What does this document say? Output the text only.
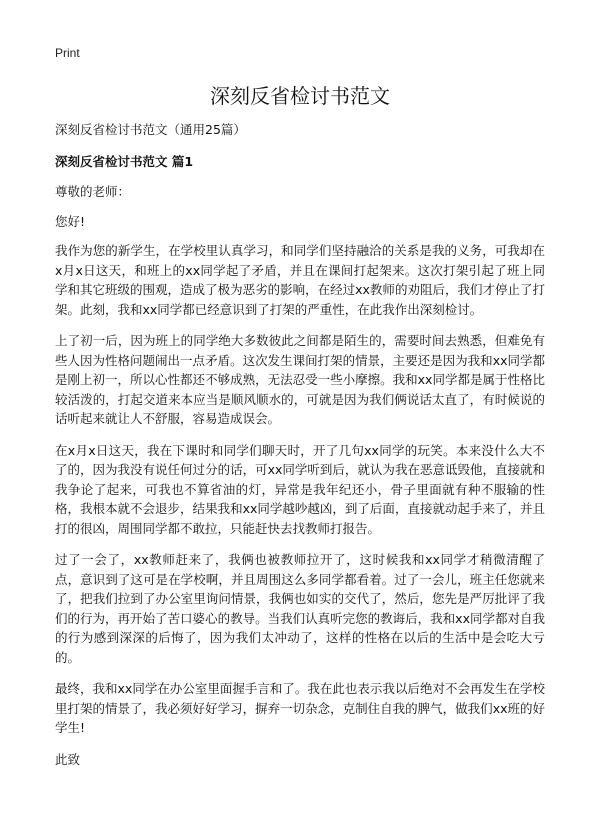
Print
深刻反省检讨书范文

深刻反省检讨书范文（通用25篇）

深刻反省检讨书范文 篇1

尊敬的老师：

您好!

我作为您的新学生，在学校里认真学习，和同学们坚持融洽的关系是我的义务，可我却在x月x日这天，和班上的xx同学起了矛盾，并且在课间打起架来。这次打架引起了班上同学和其它班级的围观，造成了极为恶劣的影响，在经过xx教师的劝阻后，我们才停止了打架。此刻，我和xx同学都已经意识到了打架的严重性，在此我作出深刻检讨。

上了初一后，因为班上的同学绝大多数彼此之间都是陌生的，需要时间去熟悉，但难免有些人因为性格问题闹出一点矛盾。这次发生课间打架的情景，主要还是因为我和xx同学都是刚上初一，所以心性都还不够成熟，无法忍受一些小摩擦。我和xx同学都是属于性格比较活泼的，打起交道来本应当是顺风顺水的，可就是因为我们俩说话太直了，有时候说的话听起来就让人不舒服，容易造成误会。

在x月x日这天，我在下课时和同学们聊天时，开了几句xx同学的玩笑。本来没什么大不了的，因为我没有说任何过分的话，可xx同学听到后，就认为我在恶意诋毁他，直接就和我争论了起来，可我也不算省油的灯，异常是我年纪还小，骨子里面就有种不服输的性格，我根本就不会退步，结果我和xx同学越吵越凶，到了后面，直接就动起手来了，并且打的很凶，周围同学都不敢拉，只能赶快去找教师打报告。

过了一会了，xx教师赶来了，我俩也被教师拉开了，这时候我和xx同学才稍微清醒了点，意识到了这可是在学校啊，并且周围这么多同学都看着。过了一会儿，班主任您就来了，把我们拉到了办公室里询问情景，我俩也如实的交代了，然后，您先是严厉批评了我们的行为，再开始了苦口婆心的教导。当我们认真听完您的教诲后，我和xx同学都对自我的行为感到深深的后悔了，因为我们太冲动了，这样的性格在以后的生活中是会吃大亏的。

最终，我和xx同学在办公室里面握手言和了。我在此也表示我以后绝对不会再发生在学校里打架的情景了，我必须好好学习，摒弃一切杂念，克制住自我的脾气，做我们xx班的好学生!

此致
